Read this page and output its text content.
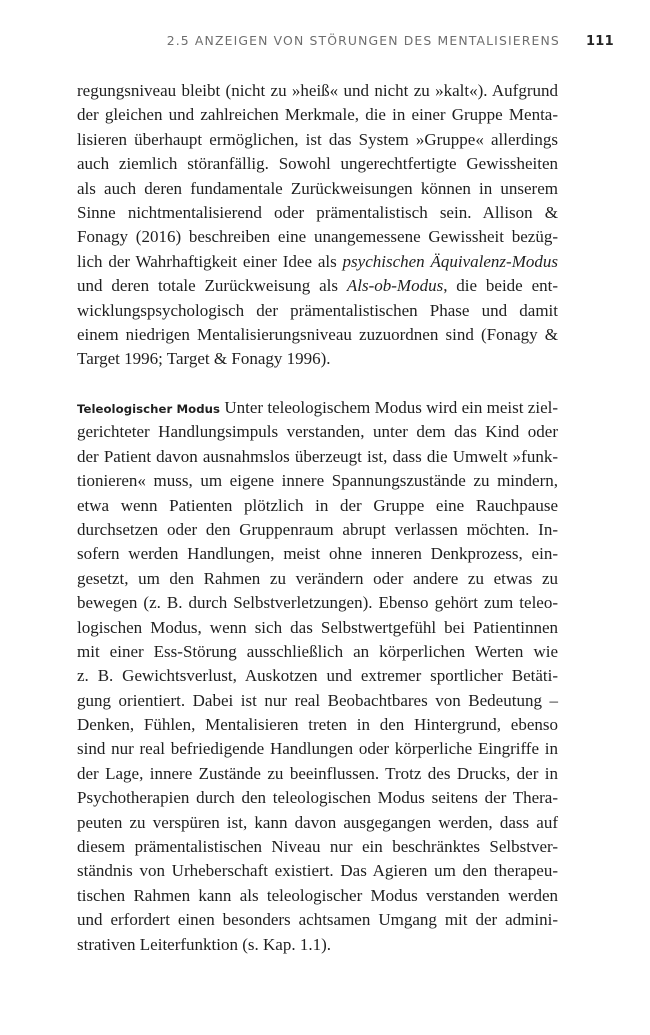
2.5 ANZEIGEN VON STÖRUNGEN DES MENTALISIERENS 111
regungsniveau bleibt (nicht zu »heiß« und nicht zu »kalt«). Aufgrund
der gleichen und zahlreichen Merkmale, die in einer Gruppe Menta-
lisieren überhaupt ermöglichen, ist das System »Gruppe« allerdings
auch ziemlich störanfällig. Sowohl ungerechtfertigte Gewissheiten
als auch deren fundamentale Zurückweisungen können in unserem
Sinne nichtmentalisierend oder prämentalistisch sein. Allison &
Fonagy (2016) beschreiben eine unangemessene Gewissheit bezüg-
lich der Wahrhaftigkeit einer Idee als psychischen Äquivalenz-Modus
und deren totale Zurückweisung als Als-ob-Modus, die beide ent-
wicklungspsychologisch der prämentalistischen Phase und damit
einem niedrigen Mentalisierungsniveau zuzuordnen sind (Fonagy &
Target 1996; Target & Fonagy 1996).
Teleologischer Modus Unter teleologischem Modus wird ein meist ziel-
gerichteter Handlungsimpuls verstanden, unter dem das Kind oder
der Patient davon ausnahmslos überzeugt ist, dass die Umwelt »funk-
tionieren« muss, um eigene innere Spannungszustände zu mindern,
etwa wenn Patienten plötzlich in der Gruppe eine Rauchpause
durchsetzen oder den Gruppenraum abrupt verlassen möchten. In-
sofern werden Handlungen, meist ohne inneren Denkprozess, ein-
gesetzt, um den Rahmen zu verändern oder andere zu etwas zu
bewegen (z. B. durch Selbstverletzungen). Ebenso gehört zum teleo-
logischen Modus, wenn sich das Selbstwertgefühl bei Patientinnen
mit einer Ess-Störung ausschließlich an körperlichen Werten wie
z. B. Gewichtsverlust, Auskotzen und extremer sportlicher Betäti-
gung orientiert. Dabei ist nur real Beobachtbares von Bedeutung –
Denken, Fühlen, Mentalisieren treten in den Hintergrund, ebenso
sind nur real befriedigende Handlungen oder körperliche Eingriffe in
der Lage, innere Zustände zu beeinflussen. Trotz des Drucks, der in
Psychotherapien durch den teleologischen Modus seitens der Thera-
peuten zu verspüren ist, kann davon ausgegangen werden, dass auf
diesem prämentalistischen Niveau nur ein beschränktes Selbstver-
ständnis von Urheberschaft existiert. Das Agieren um den therapeu-
tischen Rahmen kann als teleologischer Modus verstanden werden
und erfordert einen besonders achtsamen Umgang mit der admini-
strativen Leiterfunktion (s. Kap. 1.1).
